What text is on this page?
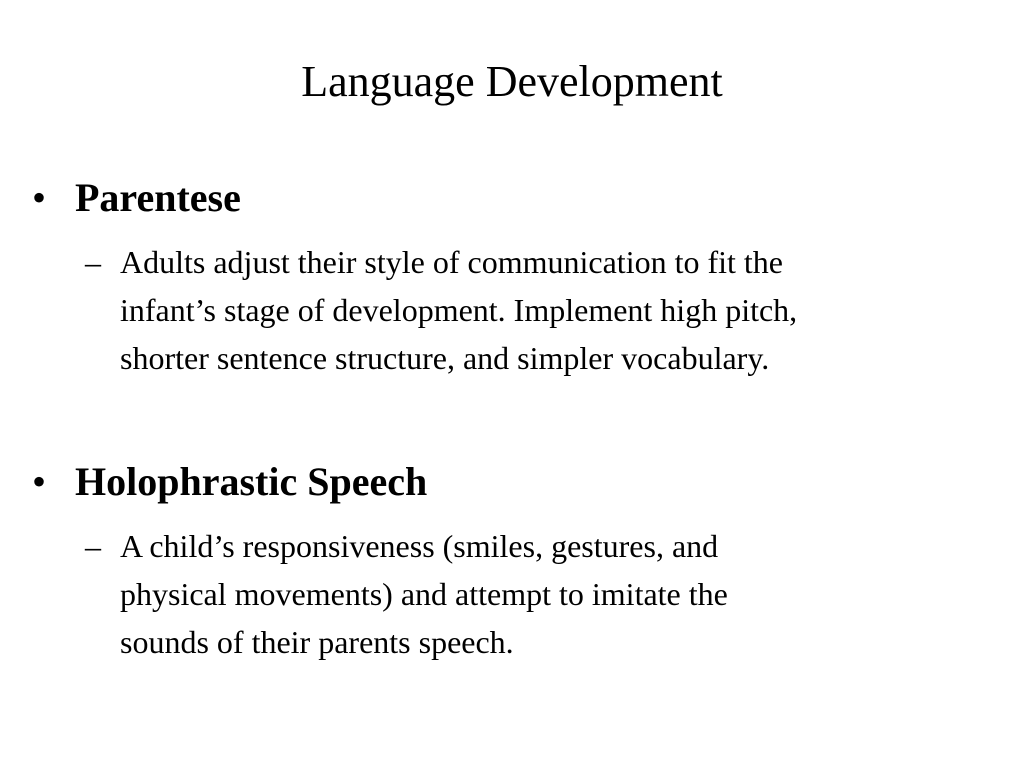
Language Development
• Parentese
– Adults adjust their style of communication to fit the
infant’s stage of development. Implement high pitch,
shorter sentence structure, and simpler vocabulary.

• Holophrastic Speech
– A child’s responsiveness (smiles, gestures, and
physical movements) and attempt to imitate the
sounds of their parents speech.
